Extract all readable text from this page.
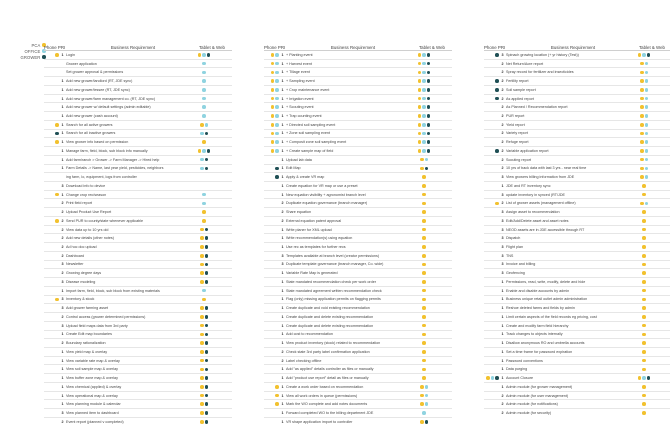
PCA
OFFICE
GROWER
Phone PRI	Business Requirement	Tablet & Web
1 Login
Grower application
Set grower approval & permissions
1 Add new grower/landlord (RT, JDE sync)
1 Add new grower/lessee (RT, JDE sync)
1 Add new grower/farm management co. (RT, JDE sync)
1 Add new grower w/ default settings (admin editable)
1 Add new grower (cash account)
1 Search for all active growers
1 Search for all inactive growers
1 View grower info based on permission
1 Manage farm, field, block, sub block info manually
1 Add farm/ranch > Grower -> Farm Manager -> Hired help
1 Farm Details -> Name, last year yield, pesticides, neighbors
ing farm, lo, equipment, logs from controller
3 Download info to device
1 Change crop rec/season
2 Print field report
2 Upload Product Use Report
2 Send PUR to county/state whenever applicable
2 View data up to 10 yrs old
2 Add new details (other notes)
2 Ad hoc doc upload
2 Dashboard
3 Newsletter
2 Growing degree days
3 Disease modeling
1 Import farm, field, block, sub block from existing materials
3 Inventory & stock
3 Add grower farming asset
2 Control access (grower determined permissions)
3 Upload field maps data from 3rd party
1 Create Edit map boundaries
2 Boundary rationalization
1 View yield map & overlay
1 View variable rate map & overlay
1 View soil sample map & overlay
1 View buffer zone map & overlay
1 View chemical (applied) & overlay
1 View operational map & overlay
1 View planning module & calendar
3 View planned item to dashboard
2 Event report (planned v completed)
Phone PRI	Business Requirement	Tablet & Web
1 + Planting event
1 + Harvest event
1 + Tillage event
1 + Sampling event
1 + Crop maintenance event
1 + Irrigation event
1 + Scouting event
1 + Trap counting event
1 + Directed soil sampling event
1 + Zone soil sampling event
1 + Composit zone soil sampling event
1 + Create sample map of field
1 Upload lab data
1 Edit Map
1 Apply & create VR map
1 Create equation for VR map or use a preset
1 New equation visibility + agronomist branch level
2 Duplicate equation governance (branch manager)
2 Share equation
2 External equation patent approval
1 Write planer for XML upload
1 Write recommendation(s) using equation
1 Use rec as templates for further recs
3 Templates available at branch level (creator permissions)
3 Duplicate template governance (branch manager, Co. wide)
1 Variable Rate Map is generated
1 State mandated recommendation check per work order
1 State mandated agreement written recommendation check
1 Flag (only) missing application permits on flagging permits
1 Create duplicate and void existing recommendation
1 Create duplicate and delete existing recommendation
1 Create duplicate and delete existing recommendation
1 Add cost to recommendation
1 View product inventory (stock) related to recommendation
2 Check state 3rd party label confirmation application
2 Label checking offline
1 Add "as applied" details controller as files or manually
1 Add "product use report" detail as files or manually
1 Create a work order based on recommendation
1 View all work orders in queue (permissions)
1 Mark the WO complete and add notes documents
1 Forward completed WO to the billing department JDE
1 VR shape application import to controller
Phone PRI	Business Requirement	Tablet & Web
3 Spinach growing location (+ yr history (Test))
2 Net Return/Acre report
2 Spray record for fertilizer and insecticides
2 Fertility report
2 Soil sample report
2 As applied report
2 As Planned / Recommendation report
2 PUR report
2 Yield report
2 Variety report
2 Refuge report
2 Variable application report
2 Scouting report
2 10 yrs of back data with last 3 yrs - near real time
3 View growers billing information from JDE
1 JDE and RT inventory sync
3 update inventory in synced (RT/JDE
2 List of grower assets (management offline)
3 Assign asset to recommendation
3 Edit/Add/Delete asset and asset notes
3 NEOD assets are in JDE accessible through RT
3 Dispatch
3 Flight plan
3 TNS
3 Invoice and billing
3 Geofencing
1 Permissions, read, write, modify, delete and hide
1 Enable and disable accounts by admin
1 Business unique retail outlet admin administration
1 Reshoe deleted farms and fields by admin
1 Limit certain aspects of the field records eg pricing, cost
1 Create and modify farm field hierarchy
1 Track changes to objects internally
1 Disallow anonymous RO and umbrella accounts
1 Set a time frame for password expiration
1 Password conventions
1 Data purging
1 Account Closure
1 Admin module (for grower management)
2 Admin module (for user management)
2 Admin module (for notifications)
2 Admin module (for security)
